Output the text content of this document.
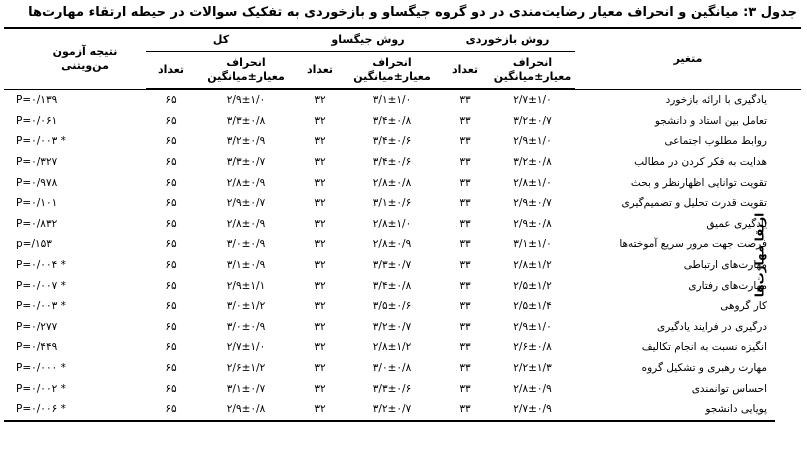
جدول ۳: میانگین و انحراف معیار رضایت‌مندی در دو گروه جیگساو و بازخوردی به تفکیک سوالات در حیطه ارتقاء مهارت‌ها
متغیر		روش بازخوردی		روش جیگساو		کل		نتیجه آزمون من‌ویتنی
		انحراف معیار±میانگین	تعداد	انحراف معیار±میانگین	تعداد	انحراف معیار±میانگین	تعداد	
ارتقا مهارت‌ها	یادگیری با ارائه بازخورد	۲/۷±۱/۰	۳۳	۳/۱±۱/۰	۳۲	۲/۹±۱/۰	۶۵	P=۰/۱۳۹
	تعامل بین استاد و دانشجو	۳/۲±۰/۷	۳۳	۳/۴±۰/۸	۳۲	۳/۳±۰/۸	۶۵	P=۰/۰۶۱
	روابط مطلوب اجتماعی	۲/۹±۱/۰	۳۳	۳/۴±۰/۶	۳۲	۳/۲±۰/۹	۶۵	P=۰/۰۰۳ *
	هدایت به فکر کردن در مطالب	۳/۲±۰/۸	۳۳	۳/۴±۰/۶	۳۲	۳/۳±۰/۷	۶۵	P=۰/۳۲۷
	تقویت توانایی اظهارنظر و بحث	۲/۸±۱/۰	۳۳	۲/۸±۰/۸	۳۲	۲/۸±۰/۹	۶۵	P=۰/۹۷۸
	تقویت قدرت تحلیل و تصمیم‌گیری	۲/۹±۰/۷	۳۳	۳/۱±۰/۶	۳۲	۲/۹±۰/۷	۶۵	P=۰/۱۰۱
	یادگیری عمیق	۲/۹±۰/۸	۳۳	۲/۸±۱/۰	۳۲	۲/۸±۰/۹	۶۵	P=۰/۸۳۲
	فرصت جهت مرور سریع آموخته‌ها	۳/۱±۱/۰	۳۳	۲/۸±۰/۹	۳۲	۳/۰±۰/۹	۶۵	p=/۱۵۳
	مهارت‌های ارتباطی	۲/۸±۱/۲	۳۳	۳/۳±۰/۷	۳۲	۳/۱±۰/۹	۶۵	P=۰/۰۰۴ *
	مهارت‌های رفتاری	۲/۵±۱/۲	۳۳	۳/۴±۰/۸	۳۲	۲/۹±۱/۱	۶۵	P=۰/۰۰۷ *
	کار گروهی	۲/۵±۱/۴	۳۳	۳/۵±۰/۶	۳۲	۳/۰±۱/۲	۶۵	P=۰/۰۰۳ *
	درگیری در فرایند یادگیری	۲/۹±۱/۰	۳۳	۳/۲±۰/۷	۳۲	۳/۰±۰/۹	۶۵	P=۰/۲۷۷
	انگیزه نسبت به انجام تکالیف	۲/۶±۰/۸	۳۳	۲/۸±۱/۲	۳۲	۲/۷±۱/۰	۶۵	P=۰/۴۴۹
	مهارت رهبری و تشکیل گروه	۲/۲±۱/۳	۳۳	۳/۰±۰/۸	۳۲	۲/۶±۱/۲	۶۵	P=۰/۰۰۰ *
	احساس توانمندی	۲/۸±۰/۹	۳۳	۳/۳±۰/۶	۳۲	۳/۱±۰/۷	۶۵	P=۰/۰۰۲ *
	پویایی دانشجو	۲/۷±۰/۹	۳۳	۳/۲±۰/۷	۳۲	۲/۹±۰/۸	۶۵	P=۰/۰۰۶ *
